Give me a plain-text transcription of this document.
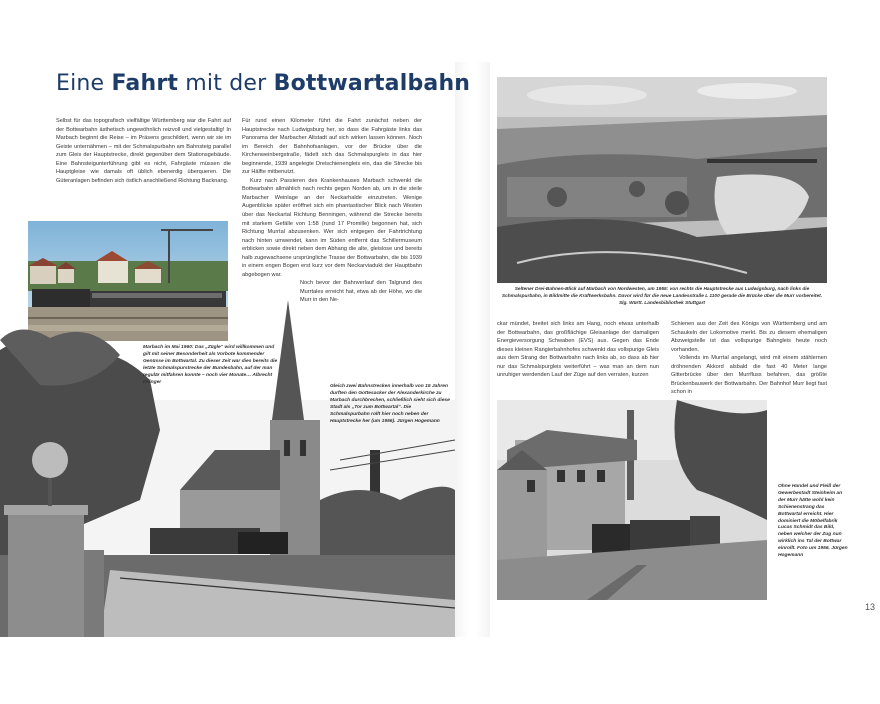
Eine Fahrt mit der Bottwartalbahn

Selbst für das topografisch vielfältige Württemberg war die Fahrt auf der Bottwarbahn ästhetisch ungewöhnlich reizvoll und vielgestaltig! In Marbach beginnt die Reise – im Präsens geschildert, wenn wir sie im Geiste unternähmen – mit der Schmalspurbahn am Bahnsteig parallel zum Gleis der Hauptstrecke, direkt gegenüber dem Stationsgebäude. Eine Bahnsteigunterführung gibt es nicht, Fahrgäste müssen die Hauptgleise wie damals oft üblich ebenerdig überqueren. Die Güteranlagen befinden sich östlich anschließend Richtung Backnang.

Für rund einen Kilometer führt die Fahrt zunächst neben der Hauptstrecke nach Ludwigsburg her, so dass die Fahrgäste links das Panorama der Marbacher Altstadt auf sich wirken lassen können. Noch im Bereich der Bahnhofsanlagen, vor der Brücke über die Kirchenweinbergstraße, fädelt sich das Schmalspurgleis in das hier beginnende, 1939 angelegte Dreischienengleis ein, das die Strecke bis zur Hälfte mitbenutzt.

Kurz nach Passieren des Krankenhauses Marbach schwenkt die Bottwarbahn allmählich nach rechts gegen Norden ab, um in die steile Marbacher Weinlage an der Neckarhalde einzutreten. Wenige Augenblicke später eröffnet sich ein phantastischer Blick nach Westen über das Neckartal Richtung Benningen, während die Strecke bereits mit starkem Gefälle von 1:58 (rund 17 Promille) begonnen hat, sich Richtung Murrtal abzusenken. Wer sich entgegen der Fahrtrichtung nach hinten umwendet, kann im Süden entfernt das Schillermuseum erblicken sowie direkt neben dem Abhang die alte, gleislose und bereits halb zugewachsene ursprüngliche Trasse der Bottwarbahn, die bis 1939 in einem engen Bogen erst kurz vor dem Neckarviadukt der Hauptbahn abgebogen war.

Noch bevor der Bahnverlauf den Talgrund des Murrtales erreicht hat, etwa ab der Höhe, wo die Murr in den Ne-

Marbach im Mai 1960: Das „Zügle“ wird willkommen und gilt mit seiner Besonderheit als Vorbote kommender Genüsse im Bottwartal. Zu dieser Zeit war dies bereits die letzte Schmalspurstrecke der Bundesbahn, auf der man regulär mitfahren konnte – noch vier Monate… Albrecht Ebinger
Gleich zwei Bahnstrecken innerhalb von 15 Jahren durften den Gottesacker der Alexanderkirche zu Marbach durchbrechen, schließlich sieht sich diese Stadt als „Tor zum Bottwartal“. Die Schmalspurbahn rollt hier noch neben der Hauptstrecke her (um 1956). Jürgen Hogemann
Seltener Drei-Bahnen-Blick auf Marbach von Nordwesten, um 1955: von rechts die Hauptstrecke aus Ludwigsburg, nach links die Schmalspurbahn, in Bildmitte die Kraftwerksbahn. Davor wird für die neue Landesstraße L 1100 gerade die Brücke über die Murr vorbereitet. Slg. Württ. Landesbibliothek Stuttgart

ckar mündet, breitet sich links am Hang, noch etwas unterhalb der Bottwarbahn, das großflächige Gleisanlage der damaligen Energieversorgung Schwaben (EVS) aus. Gegen das Ende dieses kleinen Rangierbahnhofes schwenkt das vollspurige Gleis aus dem Strang der Bottwarbahn nach links ab, so dass ab hier nur das Schmalspurgleis weiterführt – was man an dem nun unruhiger werdenden Lauf der Züge auf den verraten, kurzen

Schienen aus der Zeit des Königs von Württemberg und am Schaukeln der Lokomotive merkt. Bis zu diesem ehemaligen Abzweigstelle ist das vollspurige Bahngleis heute noch vorhanden.

Vollends im Murrtal angelangt, wird mit einem stählernen dröhnenden Akkord alsbald die fast 40 Meter lange Gitterbrücke über den Murrfluss befahren, das größte Brückenbauwerk der Bottwarbahn. Der Bahnhof Murr liegt fast schon in

Ohne Handel und Fleiß der Gewerbestadt Steinheim an der Murr hätte wohl kein Schienenstrang das Bottwartal erreicht. Hier dominiert die Möbelfabrik Lucas Schmidt das Bild, neben welcher der Zug nun wirklich ins Tal der Bottwar einrollt. Foto um 1956. Jürgen Hogemann
13
